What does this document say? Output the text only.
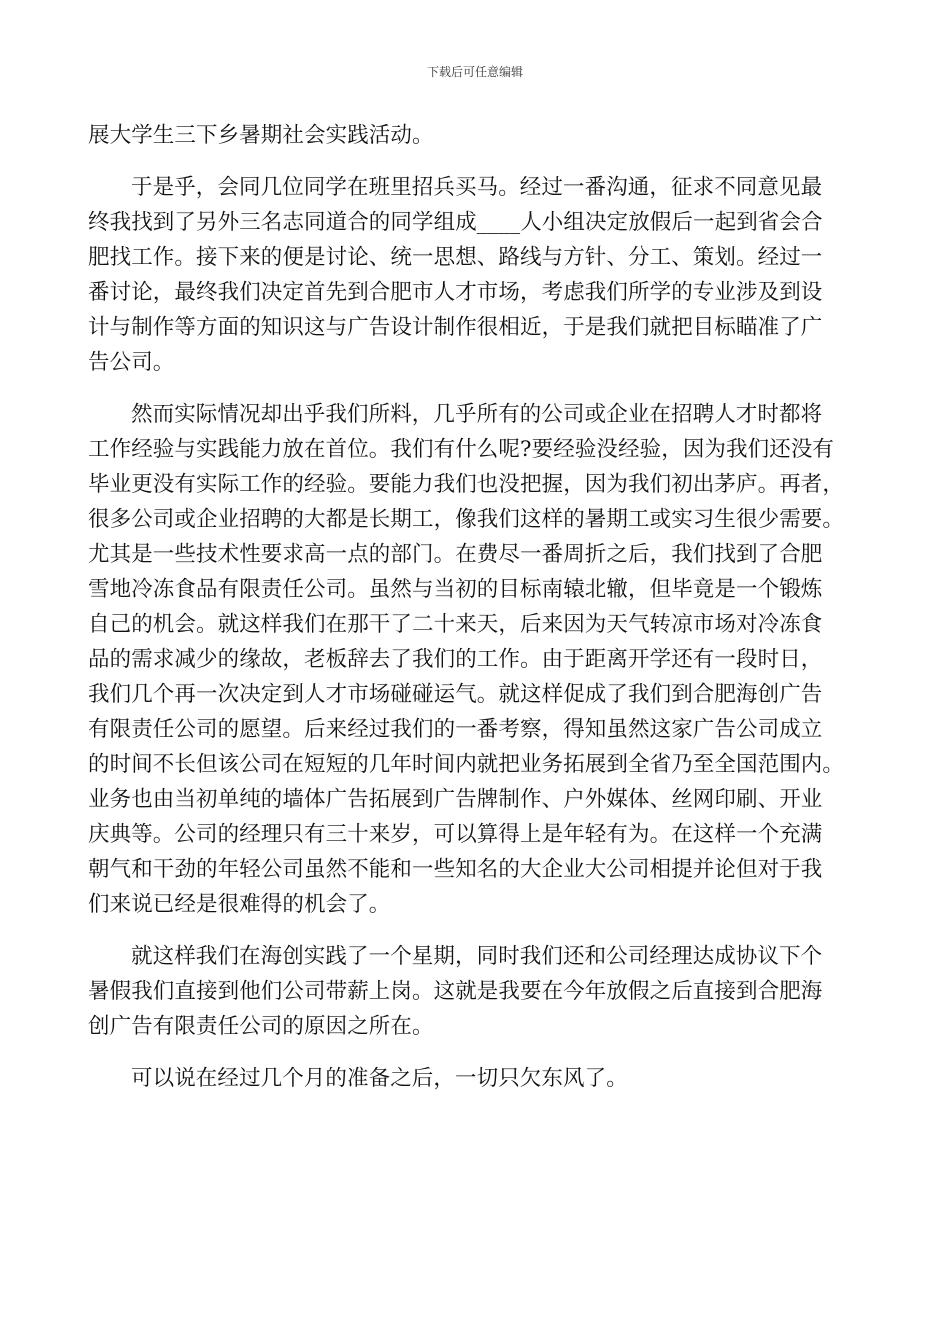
下载后可任意编辑

展大学生三下乡暑期社会实践活动。

于是乎，会同几位同学在班里招兵买马。经过一番沟通，征求不同意见最
终我找到了另外三名志同道合的同学组成____人小组决定放假后一起到省会合
肥找工作。接下来的便是讨论、统一思想、路线与方针、分工、策划。经过一
番讨论，最终我们决定首先到合肥市人才市场，考虑我们所学的专业涉及到设
计与制作等方面的知识这与广告设计制作很相近，于是我们就把目标瞄准了广
告公司。

然而实际情况却出乎我们所料，几乎所有的公司或企业在招聘人才时都将
工作经验与实践能力放在首位。我们有什么呢?要经验没经验，因为我们还没有
毕业更没有实际工作的经验。要能力我们也没把握，因为我们初出茅庐。再者，
很多公司或企业招聘的大都是长期工，像我们这样的暑期工或实习生很少需要。
尤其是一些技术性要求高一点的部门。在费尽一番周折之后，我们找到了合肥
雪地冷冻食品有限责任公司。虽然与当初的目标南辕北辙，但毕竟是一个锻炼
自己的机会。就这样我们在那干了二十来天，后来因为天气转凉市场对冷冻食
品的需求减少的缘故，老板辞去了我们的工作。由于距离开学还有一段时日，
我们几个再一次决定到人才市场碰碰运气。就这样促成了我们到合肥海创广告
有限责任公司的愿望。后来经过我们的一番考察，得知虽然这家广告公司成立
的时间不长但该公司在短短的几年时间内就把业务拓展到全省乃至全国范围内。
业务也由当初单纯的墙体广告拓展到广告牌制作、户外媒体、丝网印刷、开业
庆典等。公司的经理只有三十来岁，可以算得上是年轻有为。在这样一个充满
朝气和干劲的年轻公司虽然不能和一些知名的大企业大公司相提并论但对于我
们来说已经是很难得的机会了。

就这样我们在海创实践了一个星期，同时我们还和公司经理达成协议下个
暑假我们直接到他们公司带薪上岗。这就是我要在今年放假之后直接到合肥海
创广告有限责任公司的原因之所在。

可以说在经过几个月的准备之后，一切只欠东风了。
